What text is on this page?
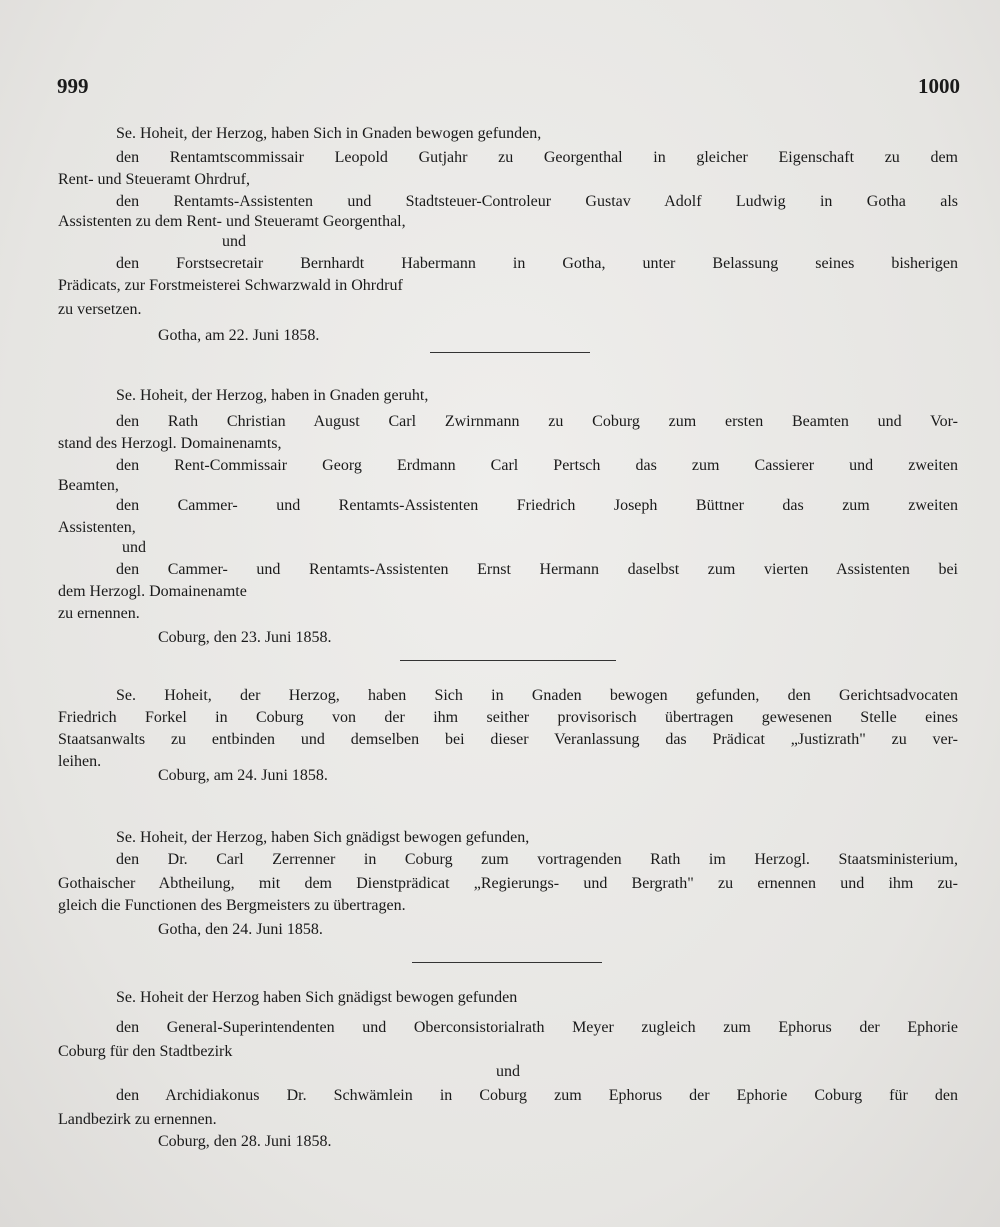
999	1000
Se. Hoheit, der Herzog, haben Sich in Gnaden bewogen gefunden,
den Rentamtscommissair Leopold Gutjahr zu Georgenthal in gleicher Eigenschaft zu dem
Rent- und Steueramt Ohrdruf,
den Rentamts-Assistenten und Stadtsteuer-Controleur Gustav Adolf Ludwig in Gotha als
Assistenten zu dem Rent- und Steueramt Georgenthal,
und
den Forstsecretair Bernhardt Habermann in Gotha, unter Belassung seines bisherigen
Prädicats, zur Forstmeisterei Schwarzwald in Ohrdruf
zu versetzen.
Gotha, am 22. Juni 1858.
Se. Hoheit, der Herzog, haben in Gnaden geruht,
den Rath Christian August Carl Zwirnmann zu Coburg zum ersten Beamten und Vor-
stand des Herzogl. Domainenamts,
den Rent-Commissair Georg Erdmann Carl Pertsch das zum Cassierer und zweiten
Beamten,
den Cammer- und Rentamts-Assistenten Friedrich Joseph Büttner das zum zweiten
Assistenten,
und
den Cammer- und Rentamts-Assistenten Ernst Hermann daselbst zum vierten Assistenten bei
dem Herzogl. Domainenamte
zu ernennen.
Coburg, den 23. Juni 1858.
Se. Hoheit, der Herzog, haben Sich in Gnaden bewogen gefunden, den Gerichtsadvocaten
Friedrich Forkel in Coburg von der ihm seither provisorisch übertragen gewesenen Stelle eines
Staatsanwalts zu entbinden und demselben bei dieser Veranlassung das Prädicat „Justizrath" zu ver-
leihen.
Coburg, am 24. Juni 1858.
Se. Hoheit, der Herzog, haben Sich gnädigst bewogen gefunden,
den Dr. Carl Zerrenner in Coburg zum vortragenden Rath im Herzogl. Staatsministerium,
Gothaischer Abtheilung, mit dem Dienstprädicat „Regierungs- und Bergrath" zu ernennen und ihm zu-
gleich die Functionen des Bergmeisters zu übertragen.
Gotha, den 24. Juni 1858.
Se. Hoheit der Herzog haben Sich gnädigst bewogen gefunden
den General-Superintendenten und Oberconsistorialrath Meyer zugleich zum Ephorus der Ephorie
Coburg für den Stadtbezirk
und
den Archidiakonus Dr. Schwämlein in Coburg zum Ephorus der Ephorie Coburg für den
Landbezirk zu ernennen.
Coburg, den 28. Juni 1858.
